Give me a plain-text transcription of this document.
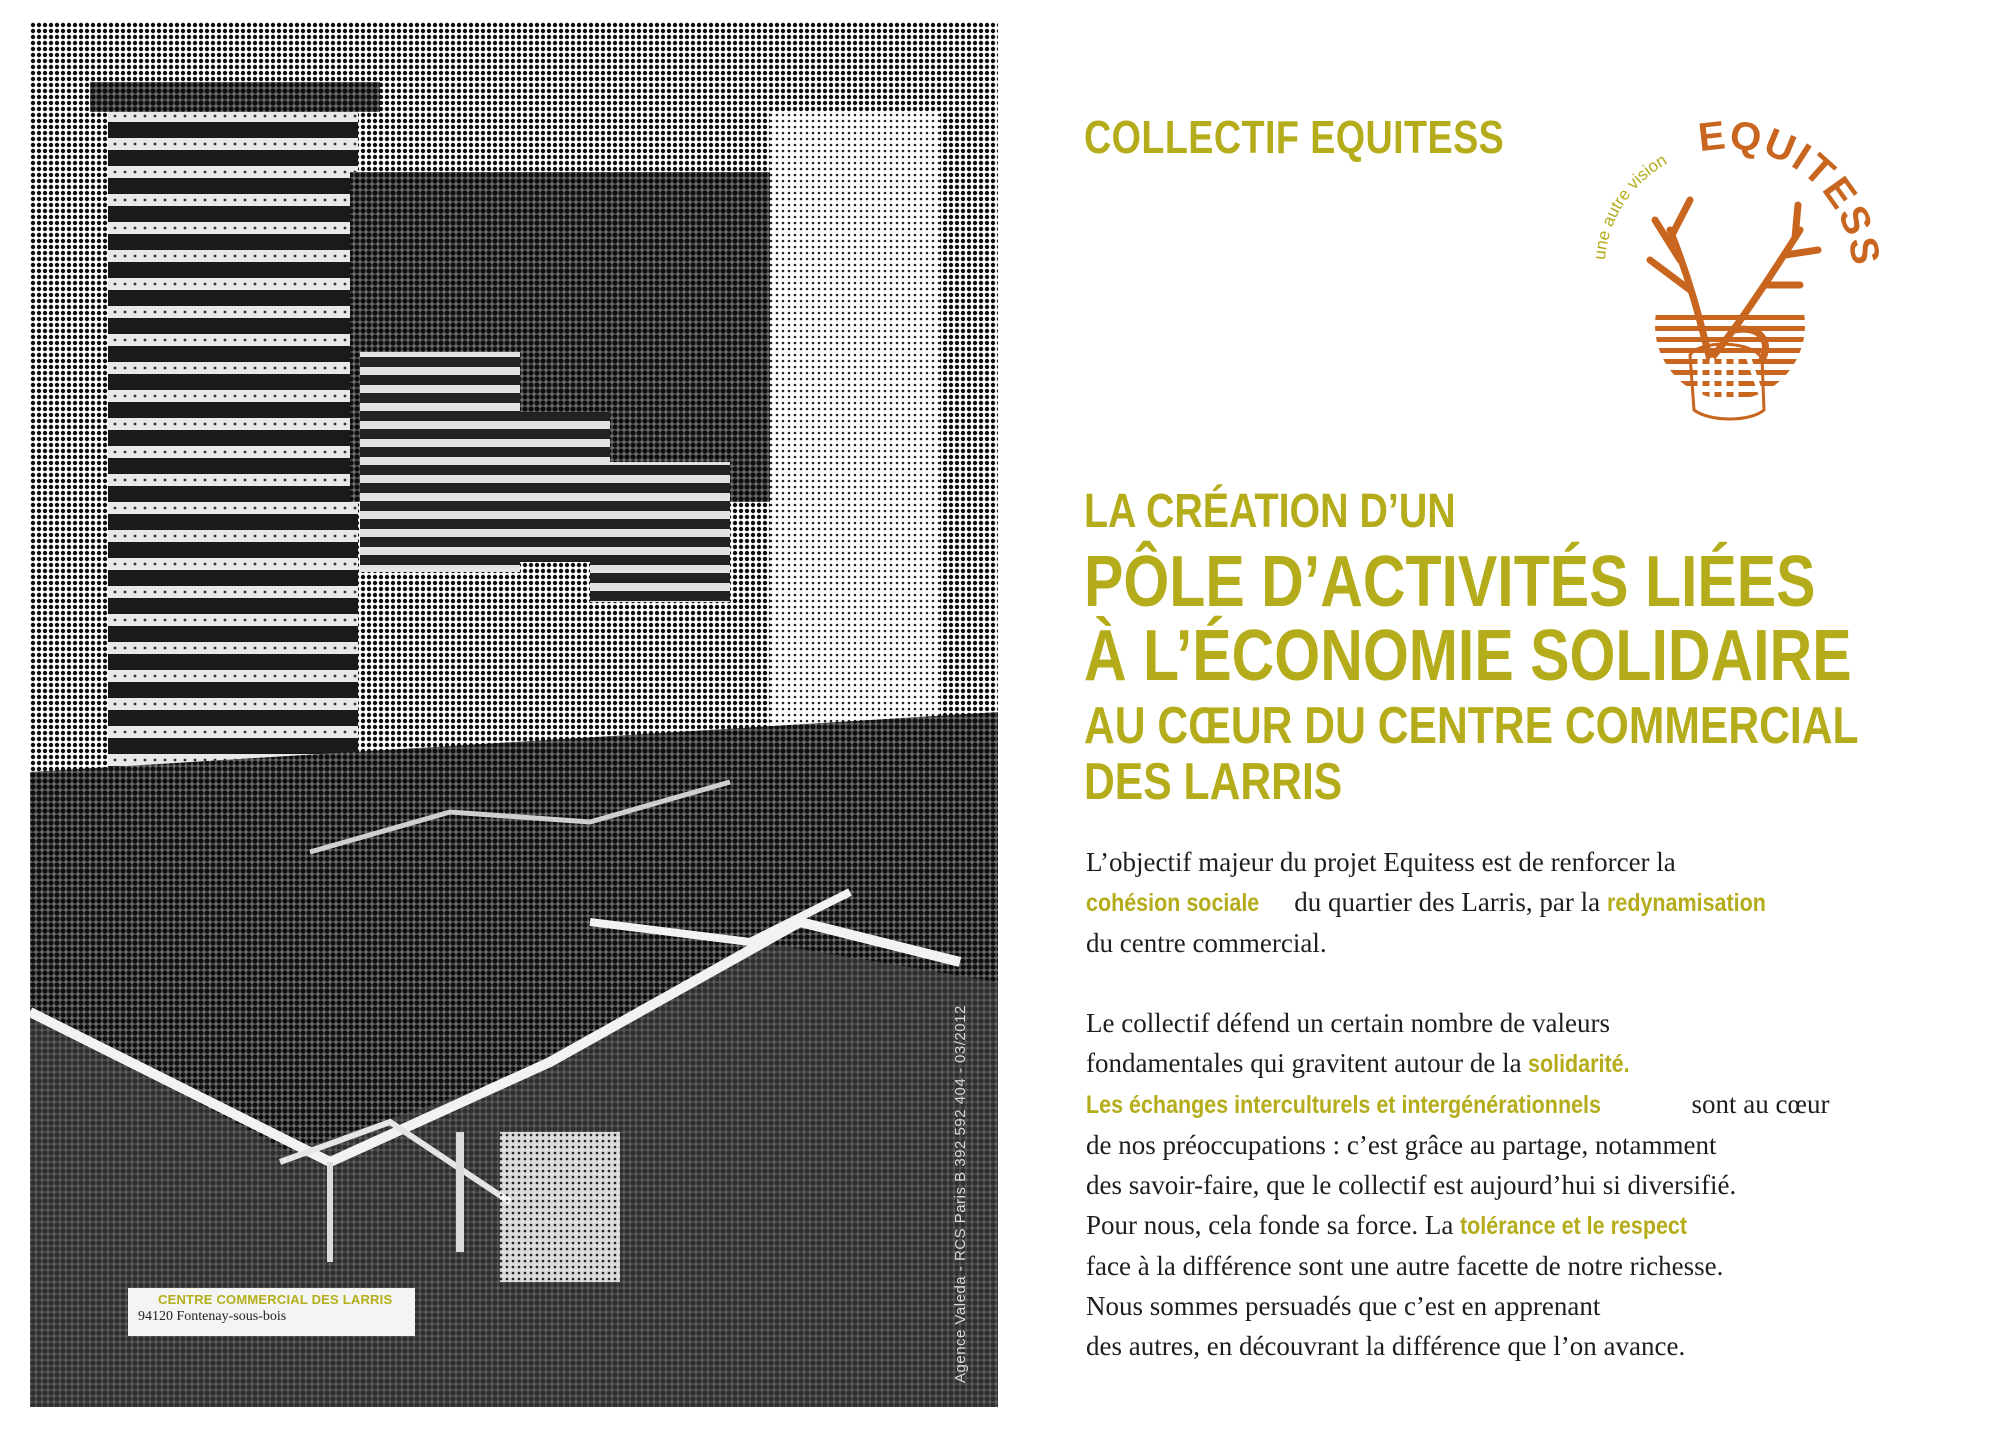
CENTRE COMMERCIAL DES LARRIS
94120 Fontenay-sous-bois	Agence Valeda - RCS Paris B 392 592 404 - 03/2012
COLLECTIF EQUITESS	EQUITESS
une autre vision
LA CRÉATION D’UN
PÔLE D’ACTIVITÉS LIÉES
À L’ÉCONOMIE SOLIDAIRE
AU CŒUR DU CENTRE COMMERCIAL
DES LARRIS

L’objectif majeur du projet Equitess est de renforcer la

cohésion sociale du quartier des Larris, par la redynamisation

du centre commercial.

Le collectif défend un certain nombre de valeurs

fondamentales qui gravitent autour de la solidarité.

Les échanges interculturels et intergénérationnels	sont au cœur

de nos préoccupations : c’est grâce au partage, notamment

des savoir-faire, que le collectif est aujourd’hui si diversifié.

Pour nous, cela fonde sa force. La tolérance et le respect

face à la différence sont une autre facette de notre richesse.

Nous sommes persuadés que c’est en apprenant

des autres, en découvrant la différence que l’on avance.
